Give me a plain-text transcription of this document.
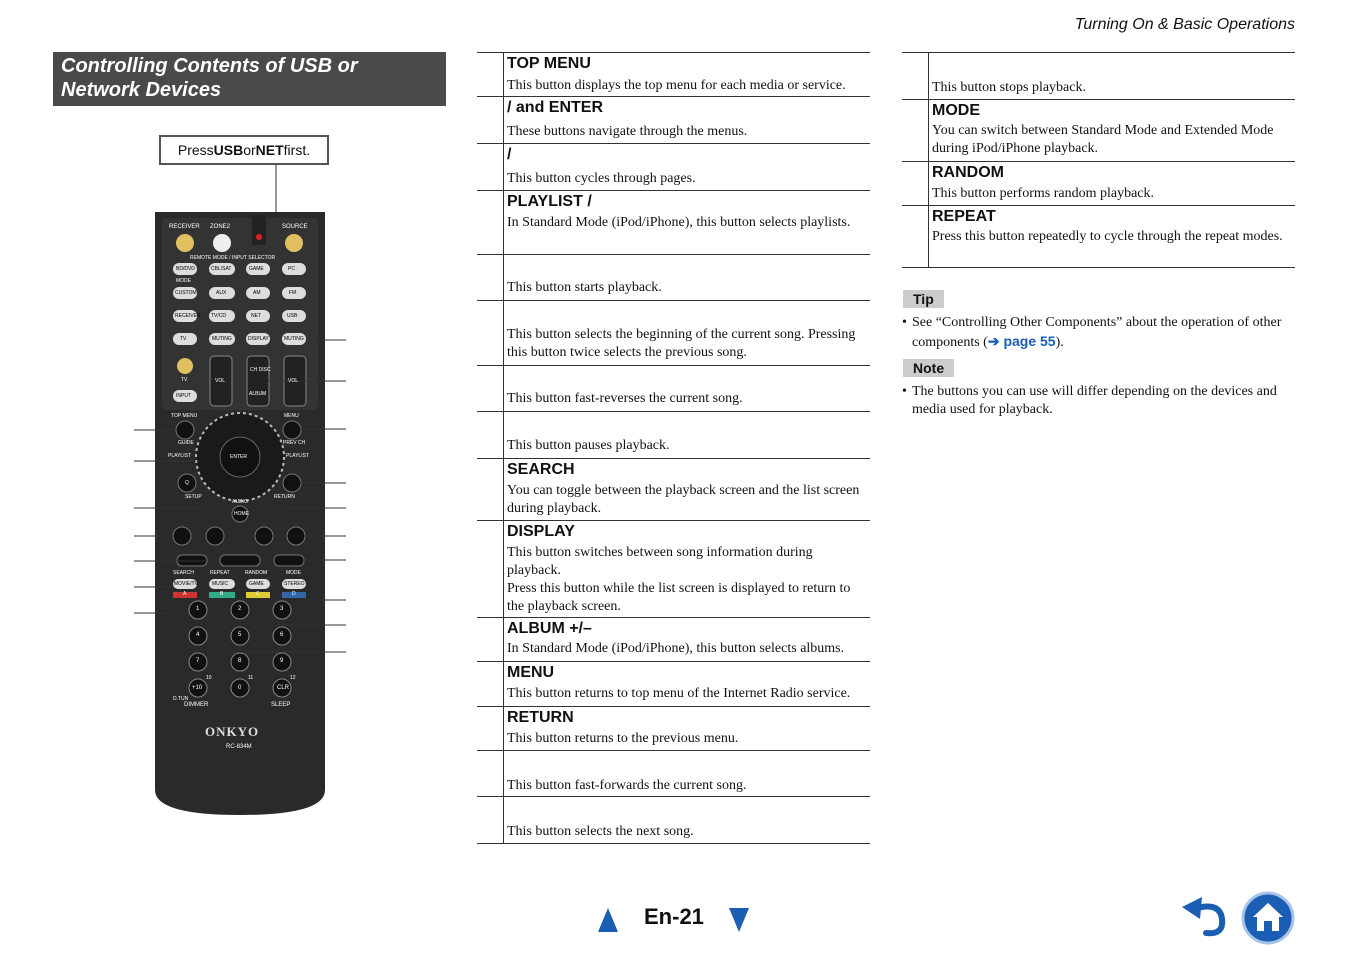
Turning On & Basic Operations
Controlling Contents of USB or
Network Devices
Press USB or NET first.
RECEIVER ZONE2	SOURCE
REMOTE MODE / INPUT SELECTOR
MODE
BD/DVD	CBL/SAT	GAME	PC
CUSTOM	AUX	AM	FM
RECEIVER TV/CD	NET	USB
TV	MUTING	DISPLAY	MUTING
TV	VOL
CH DISC
ALBUM
VOL
INPUT
TOP MENU	MENU
GUIDE	PREV CH
PLAYLIST	PLAYLIST
ENTER
Q
SETUP	RETURN
AUDIO
HOME
SEARCH	REPEAT	RANDOM	MODE
MOVIE/TV	MUSIC	GAME	STEREO
A	B	C	D
1	2	3
4	5	6
7	8	9
10	11	12
+10	0	CLR
D.TUN
DIMMER	SLEEP
ONKYO
RC-834M
TOP MENU
This button displays the top menu for each media or service.
/ and ENTER
These buttons navigate through the menus.
/
This button cycles through pages.
PLAYLIST /
In Standard Mode (iPod/iPhone), this button selects playlists.
This button starts playback.
This button selects the beginning of the current song. Pressing this button twice selects the previous song.
This button fast-reverses the current song.
This button pauses playback.
SEARCH
You can toggle between the playback screen and the list screen during playback.
DISPLAY
This button switches between song information during playback.
Press this button while the list screen is displayed to return to the playback screen.
ALBUM +/–
In Standard Mode (iPod/iPhone), this button selects albums.
MENU
This button returns to top menu of the Internet Radio service.
RETURN
This button returns to the previous menu.
This button fast-forwards the current song.
This button selects the next song.
This button stops playback.
MODE
You can switch between Standard Mode and Extended Mode during iPod/iPhone playback.
RANDOM
This button performs random playback.
REPEAT
Press this button repeatedly to cycle through the repeat modes.
Tip
• See “Controlling Other Components” about the operation of other components (➔ page 55).
Note
• The buttons you can use will differ depending on the devices and media used for playback.
En-21
